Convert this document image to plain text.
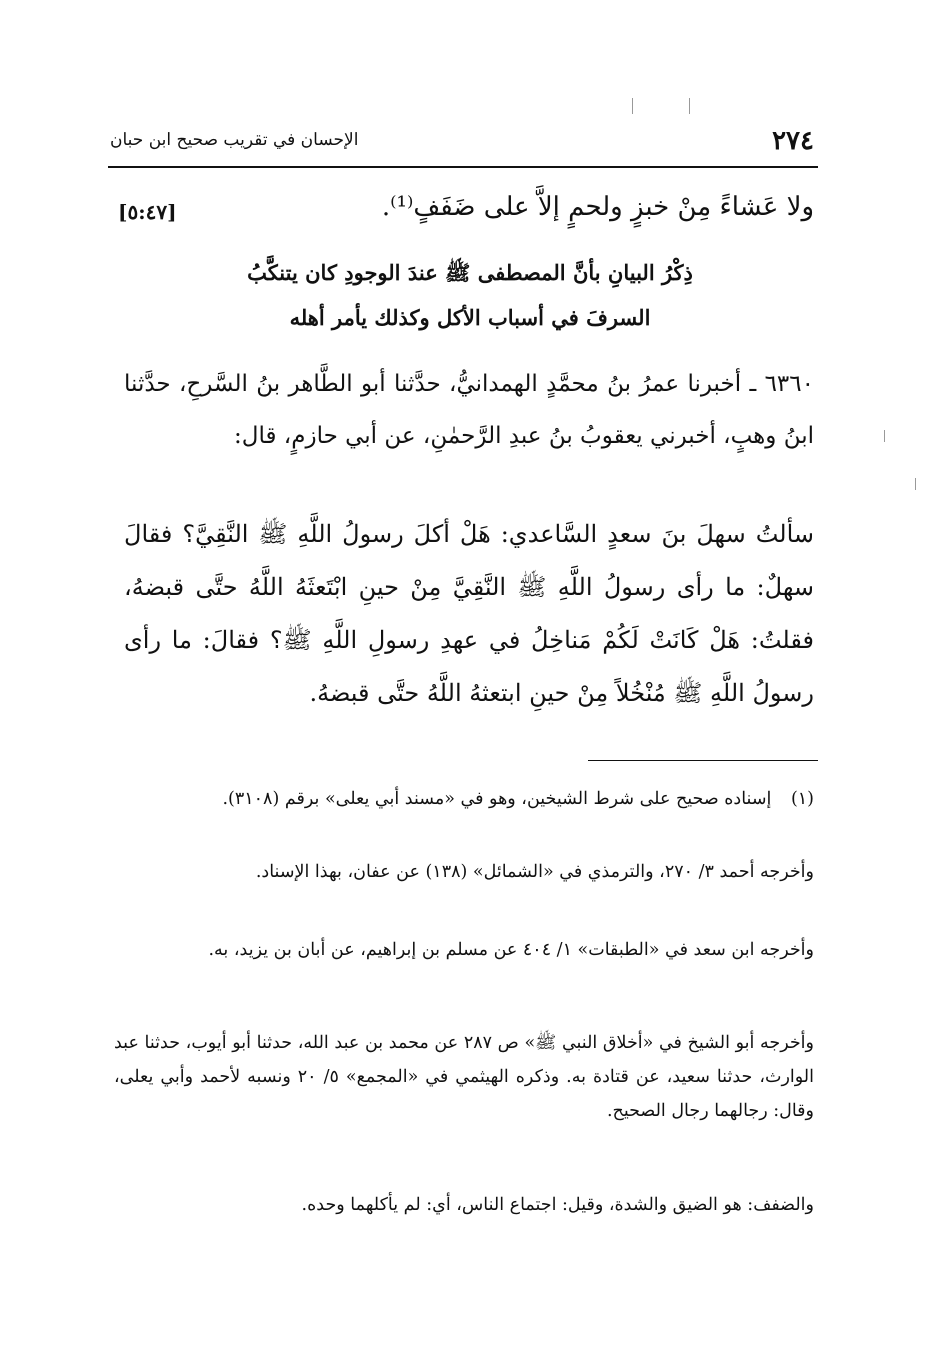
٢٧٤
الإحسان في تقريب صحيح ابن حبان
ولا عَشاءً مِنْ خبزٍ ولحمٍ إلاَّ على ضَفَفٍ⁽¹⁾.
[٥:٤٧]
ذِكْرُ البيانِ بأنَّ المصطفى ﷺ عندَ الوجودِ كان يتنكَّبُ
السرفَ في أسباب الأكل وكذلك يأمر أهله
٦٣٦٠ ـ أخبرنا عمرُ بنُ محمَّدٍ الهمدانيُّ، حدَّثنا أبو الطَّاهر بنُ السَّرحِ، حدَّثنا ابنُ وهبٍ، أخبرني يعقوبُ بنُ عبدِ الرَّحمٰنِ، عن أبي حازمٍ، قال:
سألتُ سهلَ بنَ سعدٍ السَّاعدي: هَلْ أكلَ رسولُ اللَّهِ ﷺ النَّقِيَّ؟ فقالَ سهلٌ: ما رأى رسولُ اللَّهِ ﷺ النَّقِيَّ مِنْ حينِ ابْتَعثَهُ اللَّهُ حتَّى قبضهُ، فقلتُ: هَلْ كَانَتْ لَكُمْ مَناخِلُ في عهدِ رسولِ اللَّهِ ﷺ؟ فقالَ: ما رأى رسولُ اللَّهِ ﷺ مُنْخُلاً مِنْ حينِ ابتعثهُ اللَّهُ حتَّى قبضهُ.
(١) إسناده صحيح على شرط الشيخين، وهو في «مسند أبي يعلى» برقم (٣١٠٨).
وأخرجه أحمد ٣/ ٢٧٠، والترمذي في «الشمائل» (١٣٨) عن عفان، بهذا الإسناد.
وأخرجه ابن سعد في «الطبقات» ١/ ٤٠٤ عن مسلم بن إبراهيم، عن أبان بن يزيد، به.
وأخرجه أبو الشيخ في «أخلاق النبي ﷺ» ص ٢٨٧ عن محمد بن عبد الله، حدثنا أبو أيوب، حدثنا عبد الوارث، حدثنا سعيد، عن قتادة به. وذكره الهيثمي في «المجمع» ٥/ ٢٠ ونسبه لأحمد وأبي يعلى، وقال: رجالهما رجال الصحيح.
والضفف: هو الضيق والشدة، وقيل: اجتماع الناس، أي: لم يأكلهما وحده.
